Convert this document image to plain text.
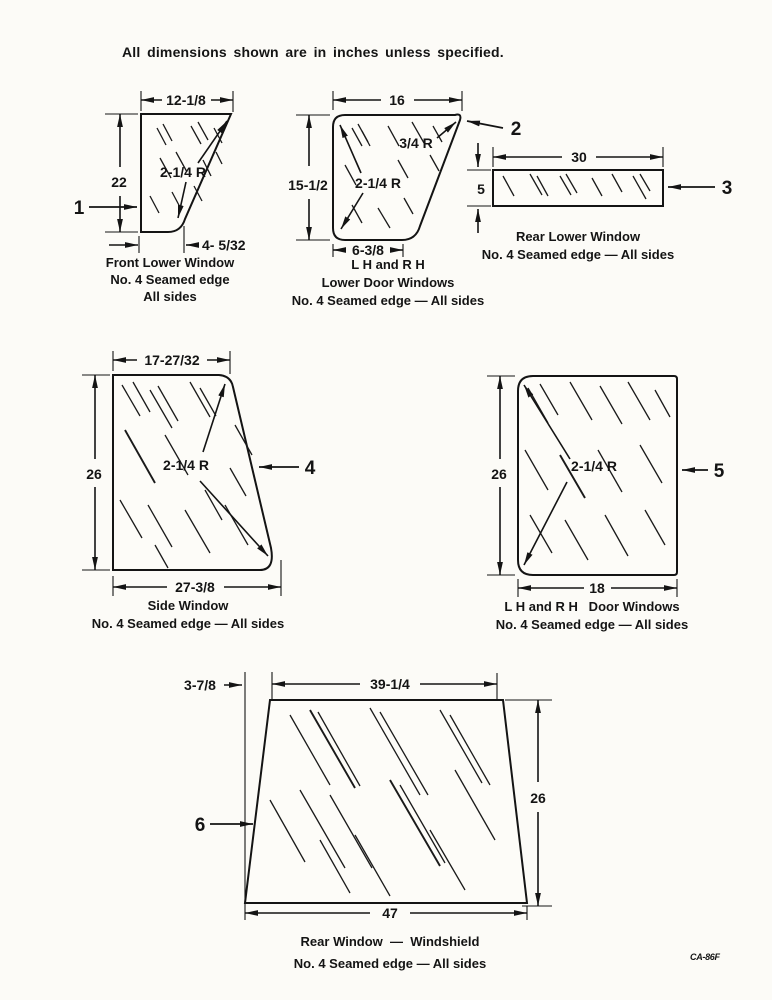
All dimensions shown are in inches unless specified.
12-1/8
22
2-1/4 R
4- 5/32
1
Front Lower Window
No. 4 Seamed edge
All sides
16
15-1/2
3/4 R
2-1/4 R
6-3/8
2
L H and R H
Lower Door Windows
No. 4 Seamed edge — All sides
30
5	3
Rear Lower Window
No. 4 Seamed edge — All sides
17-27/32
26
2-1/4 R
27-3/8
4
Side Window
No. 4 Seamed edge — All sides
26	2-1/4 R
18
5
L H and R H   Door Windows
No. 4 Seamed edge — All sides
3-7/8	39-1/4
26
47
6
Rear Window  —  Windshield
No. 4 Seamed edge — All sides	CA-86F
